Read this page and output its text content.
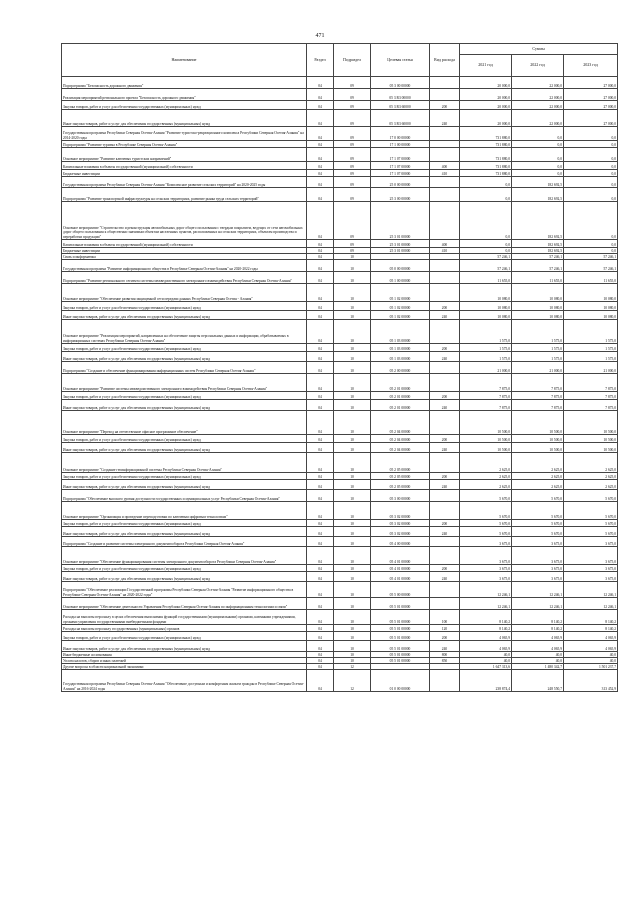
471
Наименование	Раздел	Подраздел	Целевая статья	Вид расхода	Суммы		
					2021 год	2022 год	2023 год
Подпрограмма "Безопасность дорожного движения"	04	09	05 3 00 00000		20 000,0	22 000,0	27 000,0
Реализация мероприятий регионального проекта "Безопасность дорожного движения"	04	09	05 3 R3 00000		20 000,0	22 000,0	27 000,0
Закупка товаров, работ и услуг для обеспечения государственных (муниципальных) нужд	04	09	05 3 R3 60000	200	20 000,0	22 000,0	27 000,0
Иные закупки товаров, работ и услуг для обеспечения государственных (муниципальных) нужд	04	09	05 3 R3 60000	240	20 000,0	22 000,0	27 000,0
Государственная программа Республики Северная Осетия-Алания "Развитие туристско-рекреационного комплекса Республики Северная Осетия-Алания" на 2014-2020 годы	04	09	17 0 00 00000		731 880,0	0,0	0,0
Подпрограмма "Развитие туризма в Республике Северная Осетия-Алания"	04	09	17 1 00 00000		731 880,0	0,0	0,0
Основное мероприятие "Развитие ключевых туристских направлений"	04	09	17 1 07 00000		731 880,0	0,0	0,0
Капитальные вложения в объекты государственной (муниципальной) собственности	04	09	17 1 07 00000	400	731 880,0	0,0	0,0
Бюджетные инвестиции	04	09	17 1 07 00000	410	731 880,0	0,0	0,0
Государственная программа Республики Северная Осетия-Алания "Комплексное развитие сельских территорий" на 2020-2025 годы	04	09	25 0 00 00000		0,0	182 692,5	0,0
Подпрограмма "Развитие транспортной инфраструктуры на сельских территориях, развитие рынка труда сельских территорий"	04	09	25 3 00 00000		0,0	182 692,5	0,0
Основное мероприятие "Строительство и реконструкция автомобильных дорог общего пользования с твердым покрытием, ведущих от сети автомобильных дорог общего пользования к общественно значимым объектам населенных пунктов, расположенных на сельских территориях, объектам производства и переработки продукции"	04	09	25 3 01 00000		0,0	182 692,5	0,0
Капитальные вложения в объекты государственной (муниципальной) собственности	04	09	25 3 01 00000	400	0,0	182 692,5	0,0
Бюджетные инвестиции	04	09	25 3 01 00000	410	0,0	182 692,5	0,0
Связь и информатика	04	10			57 246,1	57 246,1	57 246,1
Государственная программа "Развитие информационного общества в Республике Северная Осетия-Алания" на 2020-2022 годы	04	10	05 0 00 00000		57 246,1	57 246,1	57 246,1
Подпрограмма "Развитие регионального сегмента системы межведомственного электронного взаимодействия Республики Северная Осетия-Алания"	04	10	05 1 00 00000		11 655,0	11 655,0	11 655,0
Основное мероприятие "Обеспечение развития защищенной сети передачи данных Республики Северная Осетия - Алания"	04	10	05 1 02 00000		10 080,0	10 080,0	10 080,0
Закупка товаров, работ и услуг для обеспечения государственных (муниципальных) нужд	04	10	05 1 02 00000	200	10 080,0	10 080,0	10 080,0
Иные закупки товаров, работ и услуг для обеспечения государственных (муниципальных) нужд	04	10	05 1 02 00000	240	10 080,0	10 080,0	10 080,0
Основное мероприятие "Реализация мероприятий, направленных на обеспечение защиты персональных данных и информации, обрабатываемых в информационных системах Республики Северная Осетия-Алания"	04	10	05 1 03 00000		1 575,0	1 575,0	1 575,0
Закупка товаров, работ и услуг для обеспечения государственных (муниципальных) нужд	04	10	05 1 03 00000	200	1 575,0	1 575,0	1 575,0
Иные закупки товаров, работ и услуг для обеспечения государственных (муниципальных) нужд	04	10	05 1 03 00000	240	1 575,0	1 575,0	1 575,0
Подпрограмма "Создание и обеспечение функционирования информационных систем Республики Северная Осетия-Алания"	04	10	05 2 00 00000		21 000,0	21 000,0	21 000,0
Основное мероприятие "Развитие системы межведомственного электронного взаимодействия Республики Северная Осетия-Алания"	04	10	05 2 01 00000		7 875,0	7 875,0	7 875,0
Закупка товаров, работ и услуг для обеспечения государственных (муниципальных) нужд	04	10	05 2 01 00000	200	7 875,0	7 875,0	7 875,0
Иные закупки товаров, работ и услуг для обеспечения государственных (муниципальных) нужд	04	10	05 2 01 00000	240	7 875,0	7 875,0	7 875,0
Основное мероприятие "Переход на отечественное офисное программное обеспечение"	04	10	05 2 04 00000		10 500,0	10 500,0	10 500,0
Закупка товаров, работ и услуг для обеспечения государственных (муниципальных) нужд	04	10	05 2 04 00000	200	10 500,0	10 500,0	10 500,0
Иные закупки товаров, работ и услуг для обеспечения государственных (муниципальных) нужд	04	10	05 2 04 00000	240	10 500,0	10 500,0	10 500,0
Основное мероприятие "Создание геоинформационной системы Республики Северная Осетия-Алания"	04	10	05 2 05 00000		2 625,0	2 625,0	2 625,0
Закупка товаров, работ и услуг для обеспечения государственных (муниципальных) нужд	04	10	05 2 05 00000	200	2 625,0	2 625,0	2 625,0
Иные закупки товаров, работ и услуг для обеспечения государственных (муниципальных) нужд	04	10	05 2 05 00000	240	2 625,0	2 625,0	2 625,0
Подпрограмма "Обеспечение высокого уровня доступности государственных и муниципальных услуг Республики Северная Осетия-Алания"	04	10	05 3 00 00000		5 670,0	5 670,0	5 670,0
Основное мероприятие "Организация и проведение переподготовки по ключевым цифровым технологиям"	04	10	05 3 02 00000		5 670,0	5 670,0	5 670,0
Закупка товаров, работ и услуг для обеспечения государственных (муниципальных) нужд	04	10	05 3 02 00000	200	5 670,0	5 670,0	5 670,0
Иные закупки товаров, работ и услуг для обеспечения государственных (муниципальных) нужд	04	10	05 3 02 00000	240	5 670,0	5 670,0	5 670,0
Подпрограмма "Создание и развитие системы электронного документооборота Республики Северная Осетия-Алания"	04	10	05 4 00 00000		3 675,0	3 675,0	3 675,0
Основное мероприятие "Обеспечение функционирования системы электронного документооборота Республики Северная Осетия-Алания"	04	10	05 4 01 00000		3 675,0	3 675,0	3 675,0
Закупка товаров, работ и услуг для обеспечения государственных (муниципальных) нужд	04	10	05 4 01 00000	200	3 675,0	3 675,0	3 675,0
Иные закупки товаров, работ и услуг для обеспечения государственных (муниципальных) нужд	04	10	05 4 01 00000	240	3 675,0	3 675,0	3 675,0
Подпрограмма "Обеспечение реализации Государственной программы Республики Северная Осетия-Алания "Развитие информационного общества в Республике Северная Осетия-Алания" на 2020-2022 годы"	04	10	05 5 00 00000		12 246,1	12 246,1	12 246,1
Основное мероприятие "Обеспечение деятельности Управления Республики Северная Осетия-Алания по информационным технологиям и связи"	04	10	05 5 01 00000		12 246,1	12 246,1	12 246,1
Расходы на выплаты персоналу в целях обеспечения выполнения функций государственными (муниципальными) органами, казенными учреждениями, органами управления государственными внебюджетными фондами	04	10	05 5 01 00000	100	8 140,2	8 140,2	8 140,2
Расходы на выплаты персоналу государственных (муниципальных) органов	04	10	05 5 01 00000	120	8 140,2	8 140,2	8 140,2
Закупка товаров, работ и услуг для обеспечения государственных (муниципальных) нужд	04	10	05 5 01 00000	200	4 065,9	4 065,9	4 065,9
Иные закупки товаров, работ и услуг для обеспечения государственных (муниципальных) нужд	04	10	05 5 01 00000	240	4 065,9	4 065,9	4 065,9
Иные бюджетные ассигнования	04	10	05 5 01 00000	800	40,0	40,0	40,0
Уплата налогов, сборов и иных платежей	04	10	05 5 01 00000	850	40,0	40,0	40,0
Другие вопросы в области национальной экономики	04	12			1 647 313,6	1 480 342,7	1 501 237,7
Государственная программа Республики Северная Осетия-Алания "Обеспечение доступным и комфортным жильем граждан в Республике Северная Осетия-Алания" на 2016-2024 годы	04	12	01 0 00 00000		238 874,4	248 550,7	313 452,9
